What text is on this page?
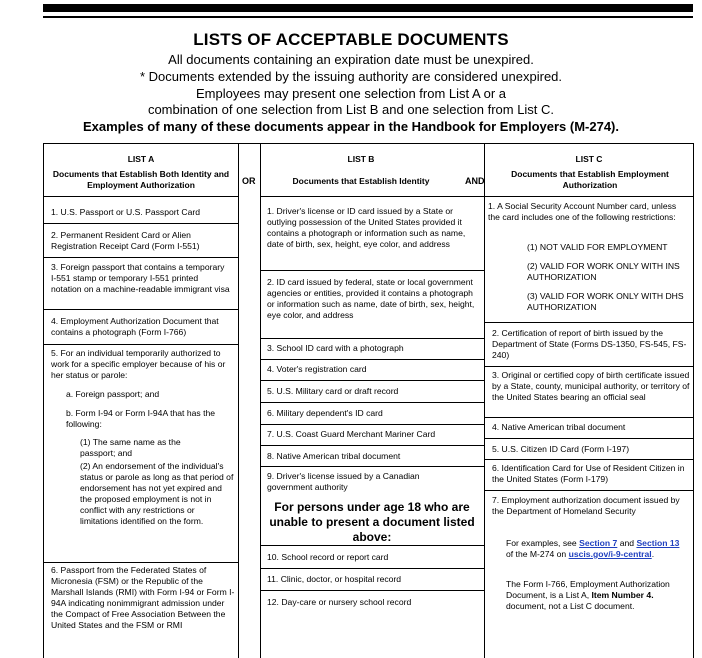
LISTS OF ACCEPTABLE DOCUMENTS
All documents containing an expiration date must be unexpired.
* Documents extended by the issuing authority are considered unexpired.
Employees may present one selection from List A or a
combination of one selection from List B and one selection from List C.
Examples of many of these documents appear in the Handbook for Employers (M-274).
LIST A
Documents that Establish Both Identity and Employment Authorization	OR
LIST B
Documents that Establish Identity	AND
LIST C
Documents that Establish Employment Authorization
1. U.S. Passport or U.S. Passport Card
2. Permanent Resident Card or Alien Registration Receipt Card (Form I-551)
3. Foreign passport that contains a temporary I-551 stamp or temporary I-551 printed notation on a machine-readable immigrant visa
4. Employment Authorization Document that contains a photograph (Form I-766)
5. For an individual temporarily authorized to work for a specific employer because of his or her status or parole:
a. Foreign passport; and
b. Form I-94 or Form I-94A that has the following:
(1) The same name as the passport; and
(2) An endorsement of the individual's status or parole as long as that period of endorsement has not yet expired and the proposed employment is not in conflict with any restrictions or limitations identified on the form.
6. Passport from the Federated States of Micronesia (FSM) or the Republic of the Marshall Islands (RMI) with Form I-94 or Form I-94A indicating nonimmigrant admission under the Compact of Free Association Between the United States and the FSM or RMI
1. Driver's license or ID card issued by a State or outlying possession of the United States provided it contains a photograph or information such as name, date of birth, sex, height, eye color, and address
2. ID card issued by federal, state or local government agencies or entities, provided it contains a photograph or information such as name, date of birth, sex, height, eye color, and address
3. School ID card with a photograph
4. Voter's registration card
5. U.S. Military card or draft record
6. Military dependent's ID card
7. U.S. Coast Guard Merchant Mariner Card
8. Native American tribal document
9. Driver's license issued by a Canadian government authority
For persons under age 18 who are unable to present a document listed above:
10. School record or report card
11. Clinic, doctor, or hospital record
12. Day-care or nursery school record
1. A Social Security Account Number card, unless the card includes one of the following restrictions:
(1) NOT VALID FOR EMPLOYMENT
(2) VALID FOR WORK ONLY WITH INS AUTHORIZATION
(3) VALID FOR WORK ONLY WITH DHS AUTHORIZATION
2. Certification of report of birth issued by the Department of State (Forms DS-1350, FS-545, FS-240)
3. Original or certified copy of birth certificate issued by a State, county, municipal authority, or territory of the United States bearing an official seal
4. Native American tribal document
5. U.S. Citizen ID Card (Form I-197)
6. Identification Card for Use of Resident Citizen in the United States (Form I-179)
7. Employment authorization document issued by the Department of Homeland Security
For examples, see Section 7 and Section 13 of the M-274 on uscis.gov/i-9-central.
The Form I-766, Employment Authorization Document, is a List A, Item Number 4. document, not a List C document.
